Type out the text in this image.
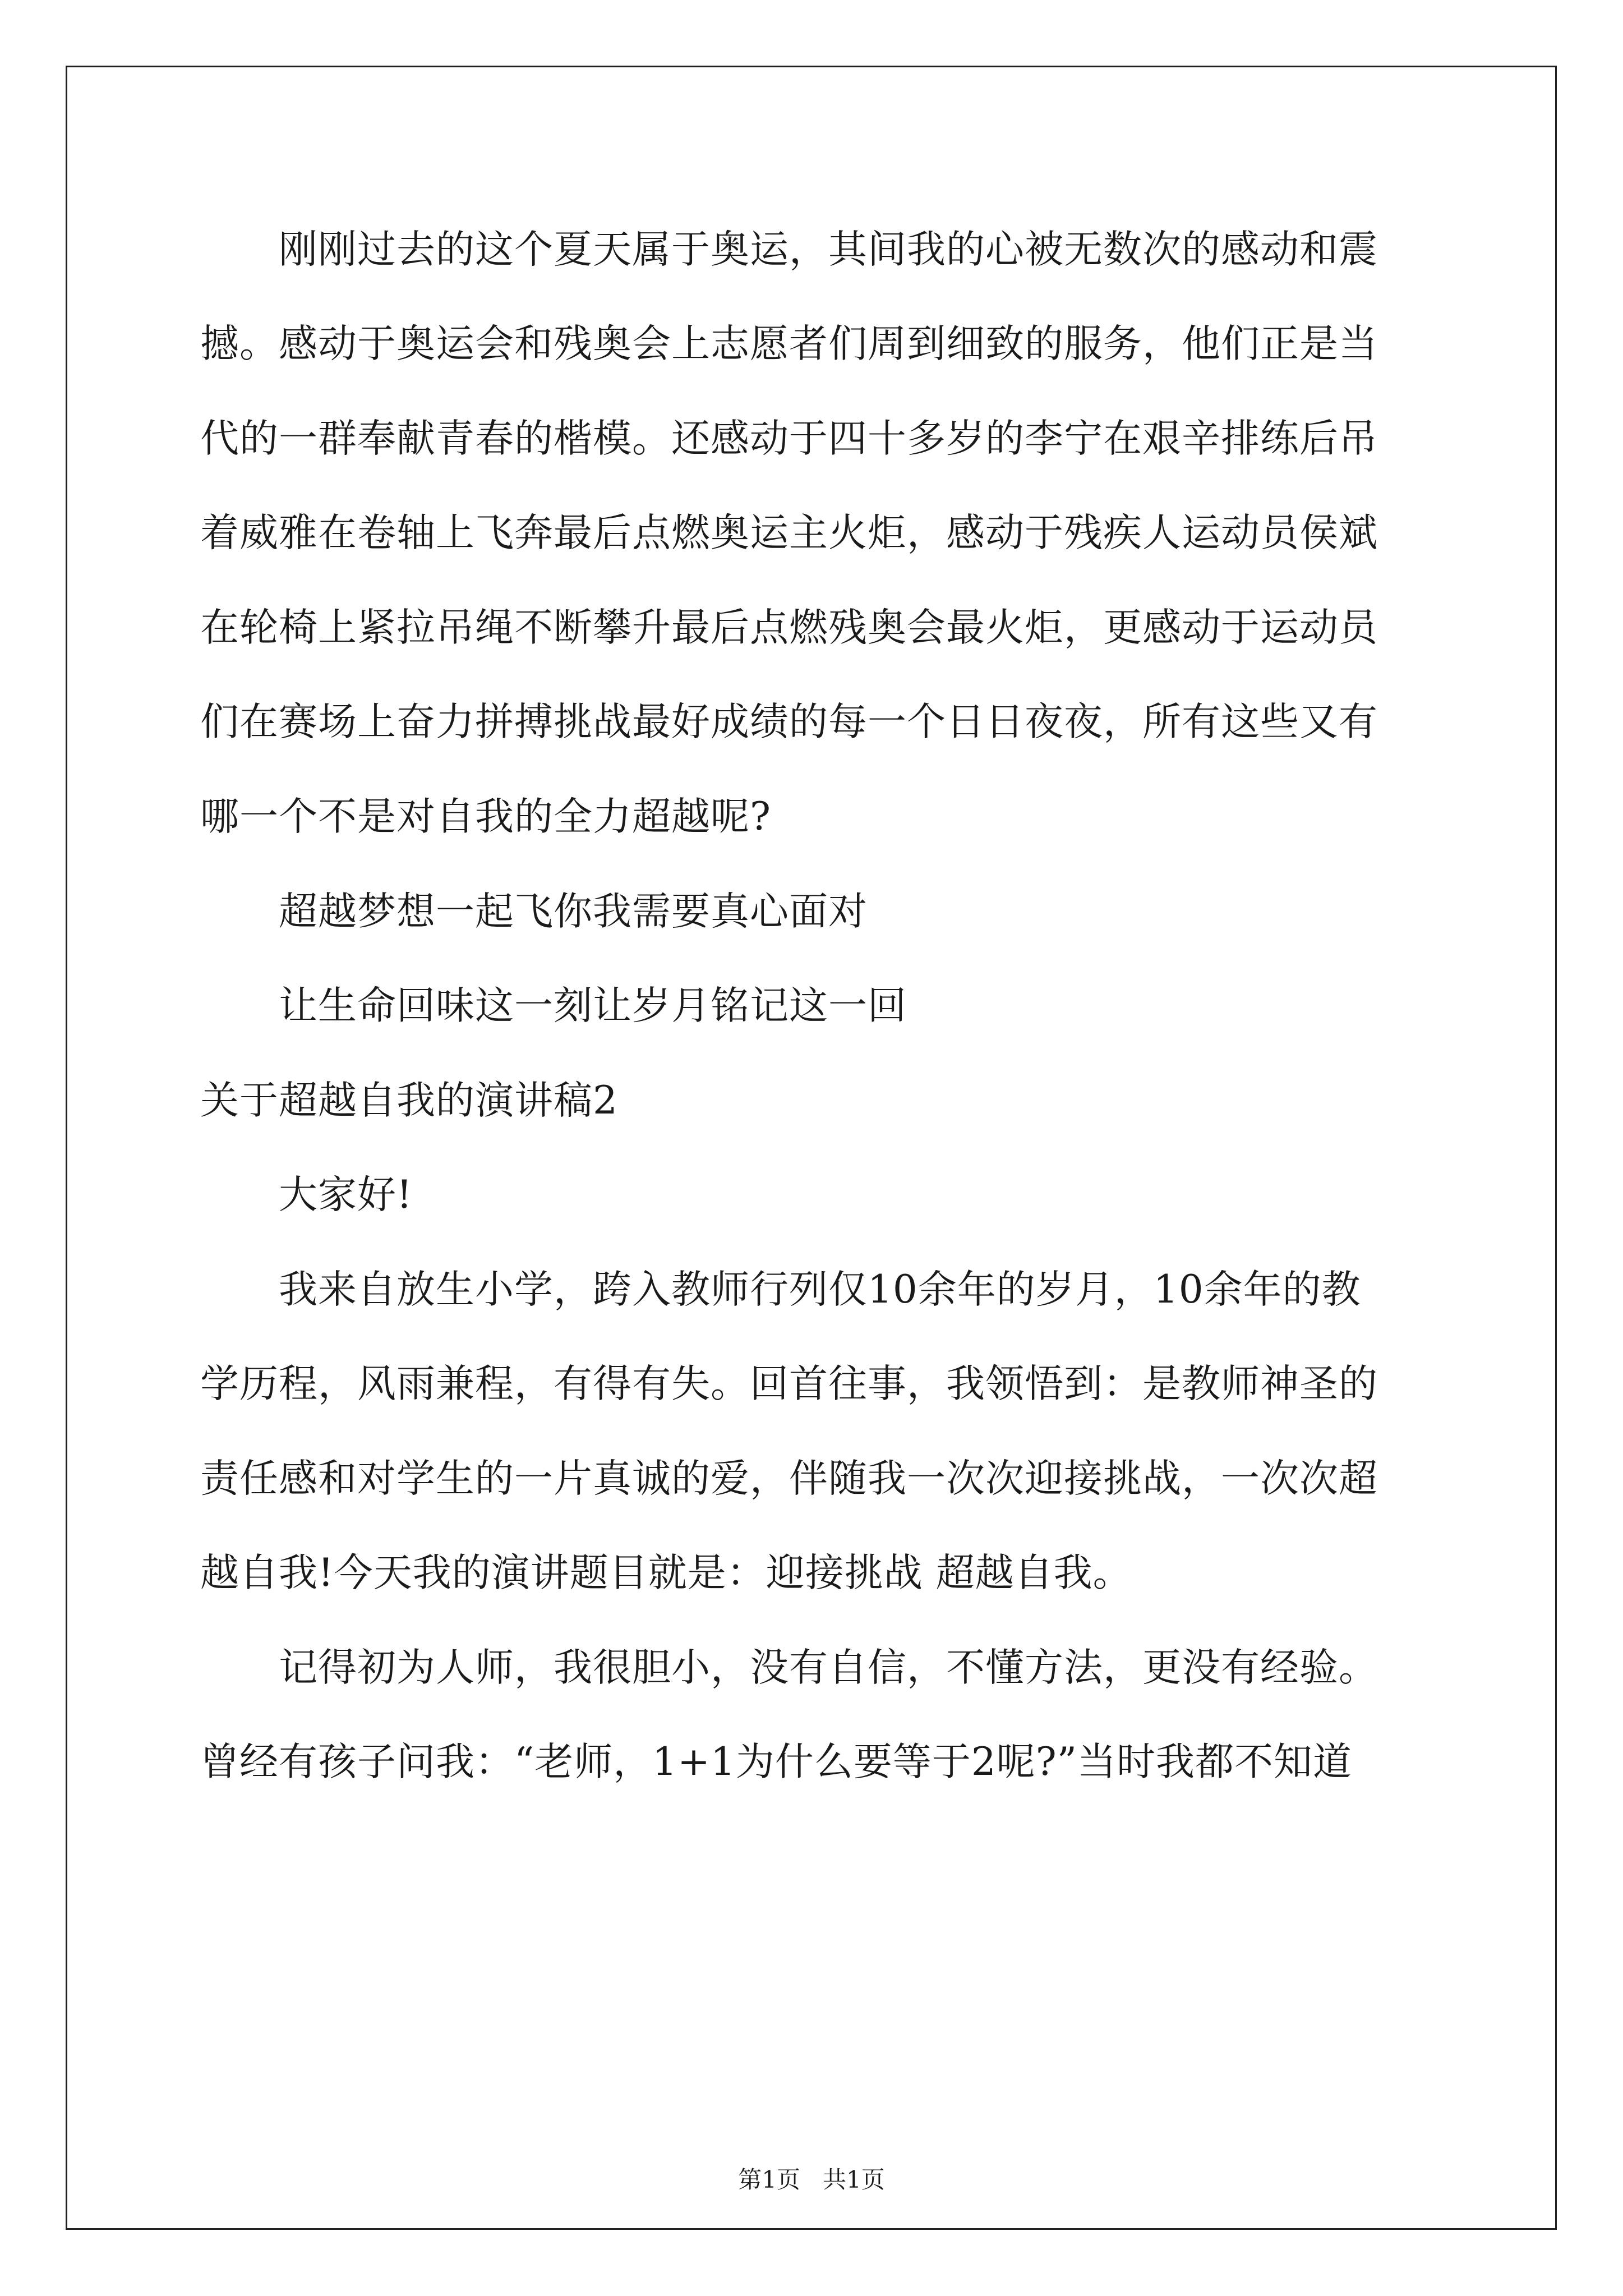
刚刚过去的这个夏天属于奥运，其间我的心被无数次的感动和震
撼。感动于奥运会和残奥会上志愿者们周到细致的服务，他们正是当
代的一群奉献青春的楷模。还感动于四十多岁的李宁在艰辛排练后吊
着威雅在卷轴上飞奔最后点燃奥运主火炬，感动于残疾人运动员侯斌
在轮椅上紧拉吊绳不断攀升最后点燃残奥会最火炬，更感动于运动员
们在赛场上奋力拼搏挑战最好成绩的每一个日日夜夜，所有这些又有
哪一个不是对自我的全力超越呢?
超越梦想一起飞你我需要真心面对
让生命回味这一刻让岁月铭记这一回
关于超越自我的演讲稿2
大家好!
我来自放生小学，跨入教师行列仅10余年的岁月，10余年的教
学历程，风雨兼程，有得有失。回首往事，我领悟到：是教师神圣的
责任感和对学生的一片真诚的爱，伴随我一次次迎接挑战，一次次超
越自我!今天我的演讲题目就是：迎接挑战 超越自我。
记得初为人师，我很胆小，没有自信，不懂方法，更没有经验。
曾经有孩子问我：“老师，1+1为什么要等于2呢?”当时我都不知道
第1页   共1页
